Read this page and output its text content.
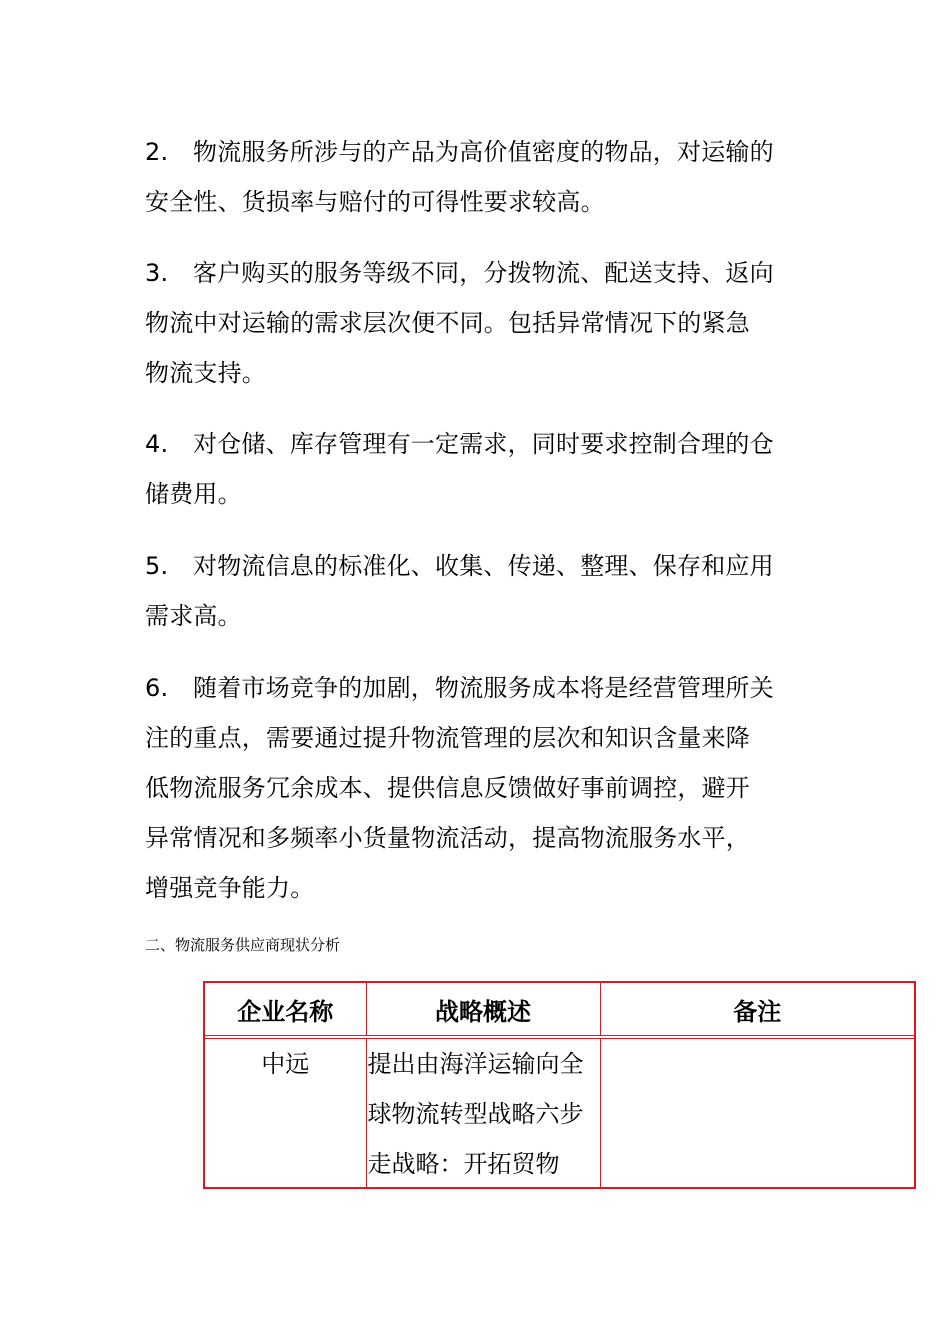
2. 物流服务所涉与的产品为高价值密度的物品，对运输的
安全性、货损率与赔付的可得性要求较高。
3. 客户购买的服务等级不同，分拨物流、配送支持、返向
物流中对运输的需求层次便不同。包括异常情况下的紧急
物流支持。
4. 对仓储、库存管理有一定需求，同时要求控制合理的仓
储费用。
5. 对物流信息的标准化、收集、传递、整理、保存和应用
需求高。
6. 随着市场竞争的加剧，物流服务成本将是经营管理所关
注的重点，需要通过提升物流管理的层次和知识含量来降
低物流服务冗余成本、提供信息反馈做好事前调控，避开
异常情况和多频率小货量物流活动，提高物流服务水平，
增强竞争能力。
二、物流服务供应商现状分析
企业名称	战略概述	备注
中远	提出由海洋运输向全
球物流转型战略六步
走战略：开拓贸物	
